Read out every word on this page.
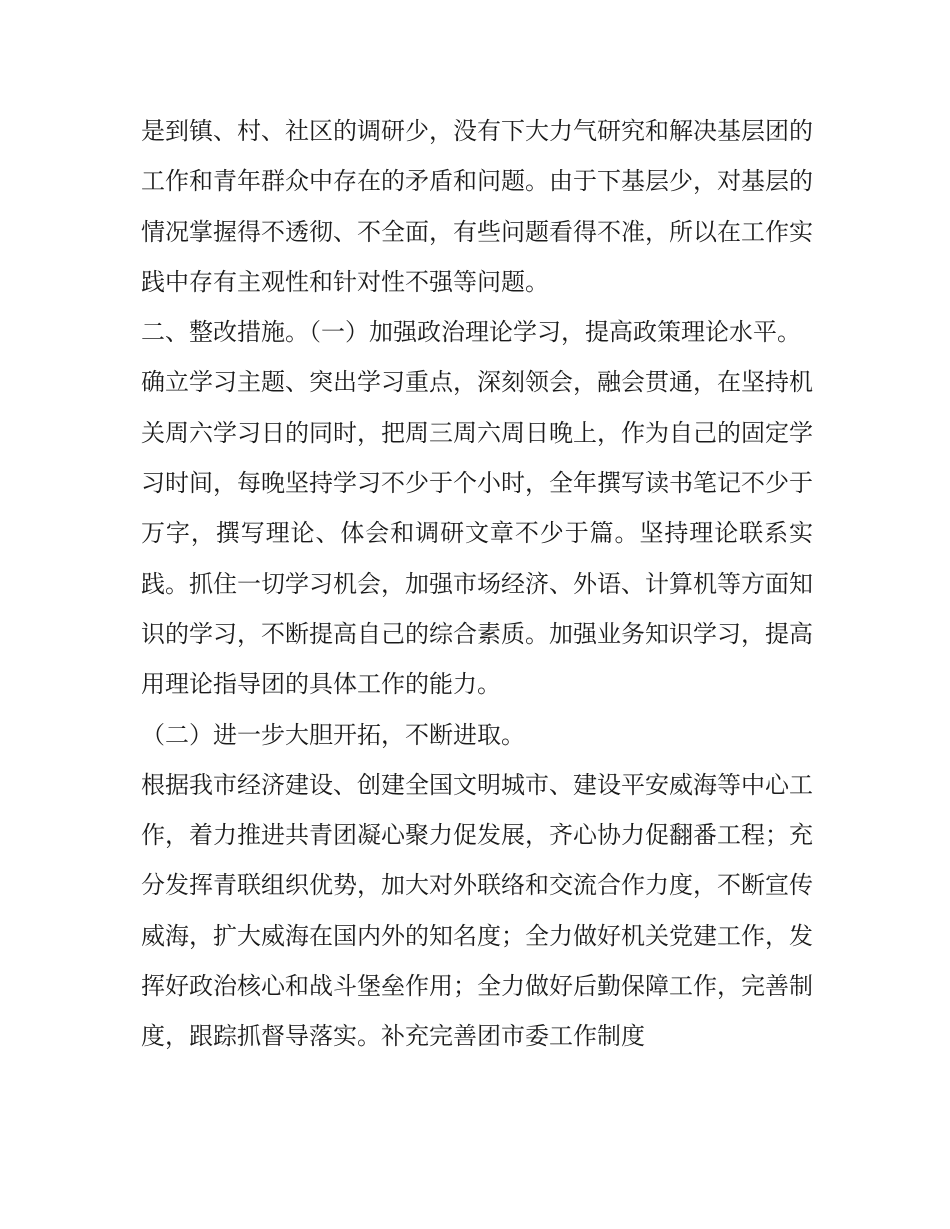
是到镇、村、社区的调研少，没有下大力气研究和解决基层团的工作和青年群众中存在的矛盾和问题。由于下基层少，对基层的情况掌握得不透彻、不全面，有些问题看得不准，所以在工作实践中存有主观性和针对性不强等问题。

二、整改措施。（一）加强政治理论学习，提高政策理论水平。

确立学习主题、突出学习重点，深刻领会，融会贯通，在坚持机关周六学习日的同时，把周三周六周日晚上，作为自己的固定学习时间，每晚坚持学习不少于个小时，全年撰写读书笔记不少于万字，撰写理论、体会和调研文章不少于篇。坚持理论联系实践。抓住一切学习机会，加强市场经济、外语、计算机等方面知识的学习，不断提高自己的综合素质。加强业务知识学习，提高用理论指导团的具体工作的能力。

（二）进一步大胆开拓，不断进取。

根据我市经济建设、创建全国文明城市、建设平安威海等中心工作，着力推进共青团凝心聚力促发展，齐心协力促翻番工程；充分发挥青联组织优势，加大对外联络和交流合作力度，不断宣传威海，扩大威海在国内外的知名度；全力做好机关党建工作，发挥好政治核心和战斗堡垒作用；全力做好后勤保障工作，完善制度，跟踪抓督导落实。补充完善团市委工作制度
